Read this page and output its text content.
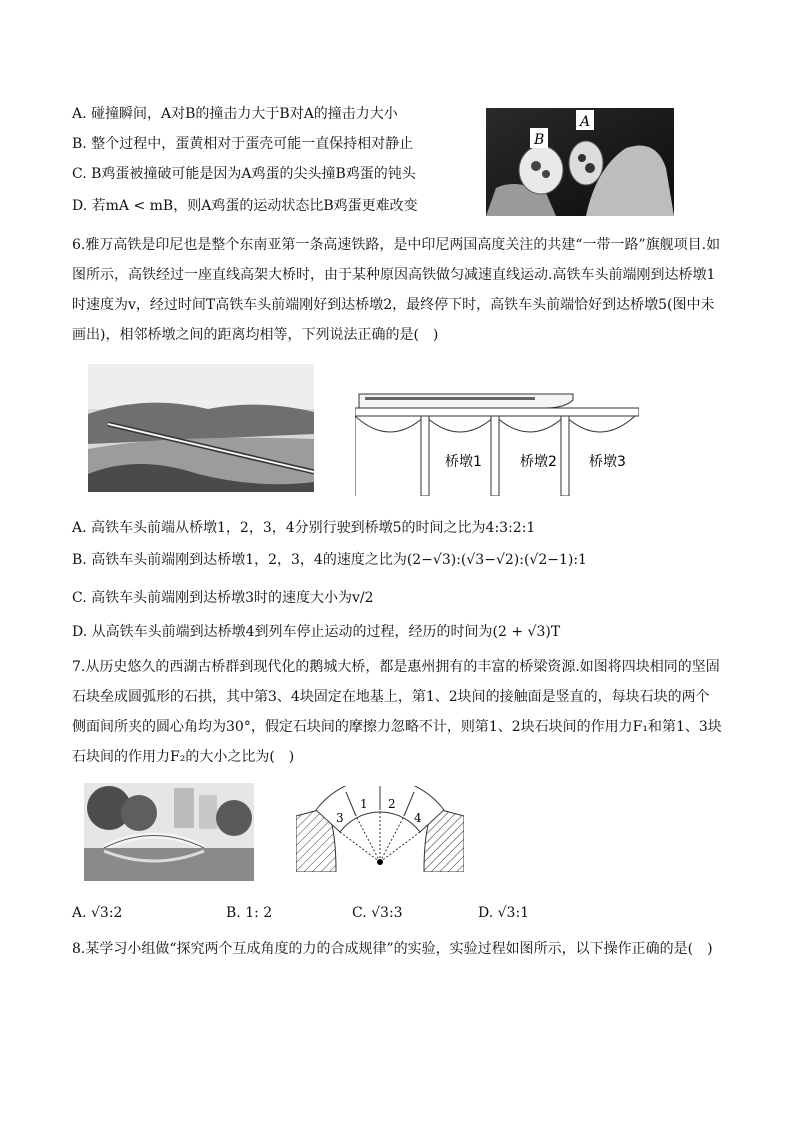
A. 碰撞瞬间，A对B的撞击力大于B对A的撞击力大小
B. 整个过程中，蛋黄相对于蛋壳可能一直保持相对静止
C. B鸡蛋被撞破可能是因为A鸡蛋的尖头撞B鸡蛋的钝头
D. 若mA < mB，则A鸡蛋的运动状态比B鸡蛋更难改变
B
A
6.雅万高铁是印尼也是整个东南亚第一条高速铁路，是中印尼两国高度关注的共建“一带一路”旗舰项目.如图所示，高铁经过一座直线高架大桥时，由于某种原因高铁做匀减速直线运动.高铁车头前端刚到达桥墩1时速度为v，经过时间T高铁车头前端刚好到达桥墩2，最终停下时，高铁车头前端恰好到达桥墩5(图中未画出)，相邻桥墩之间的距离均相等，下列说法正确的是(　)
桥墩1	桥墩2 桥墩3
A. 高铁车头前端从桥墩1，2，3，4分别行驶到桥墩5的时间之比为4:3:2:1
B. 高铁车头前端刚到达桥墩1，2，3，4的速度之比为(2−√3):(√3−√2):(√2−1):1
C. 高铁车头前端刚到达桥墩3时的速度大小为v/2
D. 从高铁车头前端到达桥墩4到列车停止运动的过程，经历的时间为(2 + √3)T
7.从历史悠久的西湖古桥群到现代化的鹅城大桥，都是惠州拥有的丰富的桥梁资源.如图将四块相同的坚固石块垒成圆弧形的石拱，其中第3、4块固定在地基上，第1、2块间的接触面是竖直的，每块石块的两个侧面间所夹的圆心角均为30°，假定石块间的摩擦力忽略不计，则第1、2块石块间的作用力F₁和第1、3块石块间的作用力F₂的大小之比为(　)
1 2
3	4
A. √3:2	B. 1: 2	C. √3:3	D. √3:1
8.某学习小组做“探究两个互成角度的力的合成规律”的实验，实验过程如图所示，以下操作正确的是(　)
